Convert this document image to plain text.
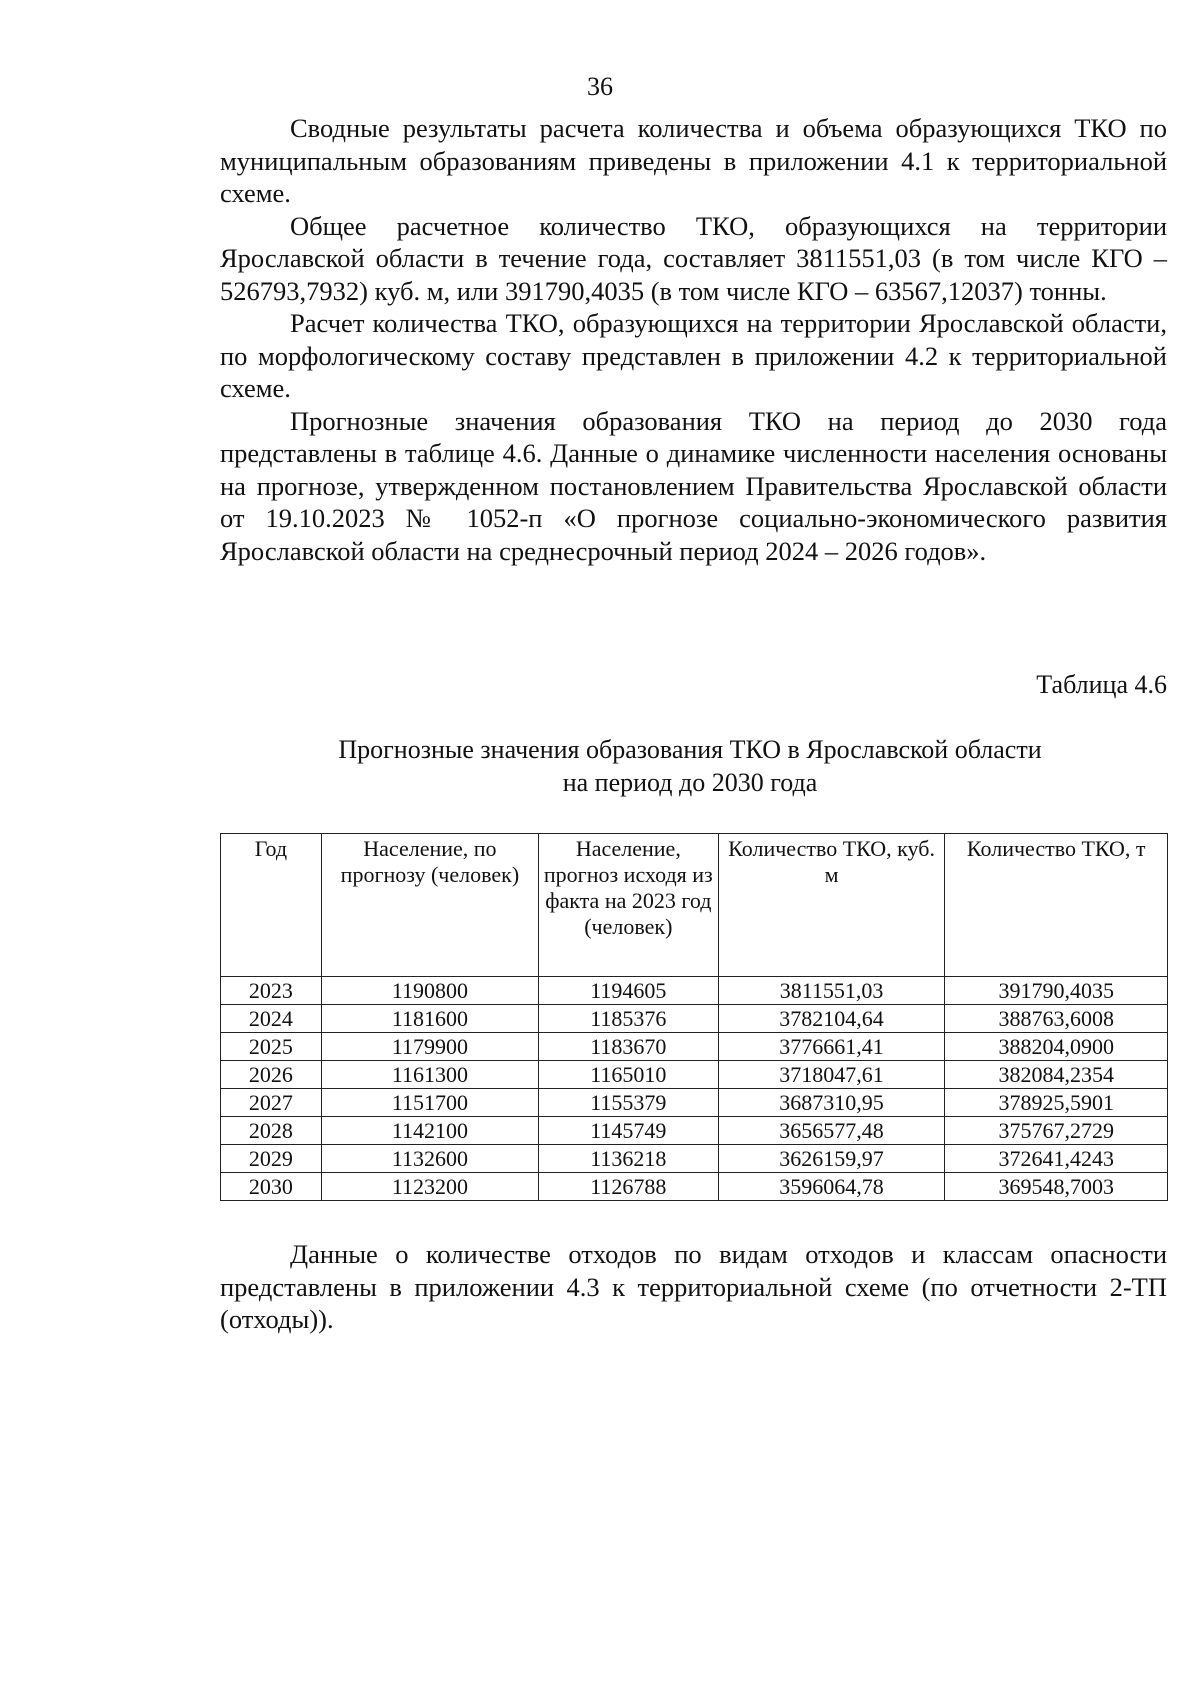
36

Сводные результаты расчета количества и объема образующихся ТКО по муниципальным образованиям приведены в приложении 4.1 к территориальной схеме.

Общее расчетное количество ТКО, образующихся на территории Ярославской области в течение года, составляет 3811551,03 (в том числе КГО – 526793,7932) куб. м, или 391790,4035 (в том числе КГО – 63567,12037) тонны.

Расчет количества ТКО, образующихся на территории Ярославской области, по морфологическому составу представлен в приложении 4.2 к территориальной схеме.

Прогнозные значения образования ТКО на период до 2030 года представлены в таблице 4.6. Данные о динамике численности населения основаны на прогнозе, утвержденном постановлением Правительства Ярославской области от 19.10.2023 № 1052-п «О прогнозе социально-экономического развития Ярославской области на среднесрочный период 2024 – 2026 годов».

Таблица 4.6
Прогнозные значения образования ТКО в Ярославской области
на период до 2030 года
Год	Население, по прогнозу (человек)	Население, прогноз исходя из факта на 2023 год (человек)	Количество ТКО, куб. м	Количество ТКО, т
2023	1190800	1194605	3811551,03	391790,4035
2024	1181600	1185376	3782104,64	388763,6008
2025	1179900	1183670	3776661,41	388204,0900
2026	1161300	1165010	3718047,61	382084,2354
2027	1151700	1155379	3687310,95	378925,5901
2028	1142100	1145749	3656577,48	375767,2729
2029	1132600	1136218	3626159,97	372641,4243
2030	1123200	1126788	3596064,78	369548,7003

Данные о количестве отходов по видам отходов и классам опасности представлены в приложении 4.3 к территориальной схеме (по отчетности 2-ТП (отходы)).
